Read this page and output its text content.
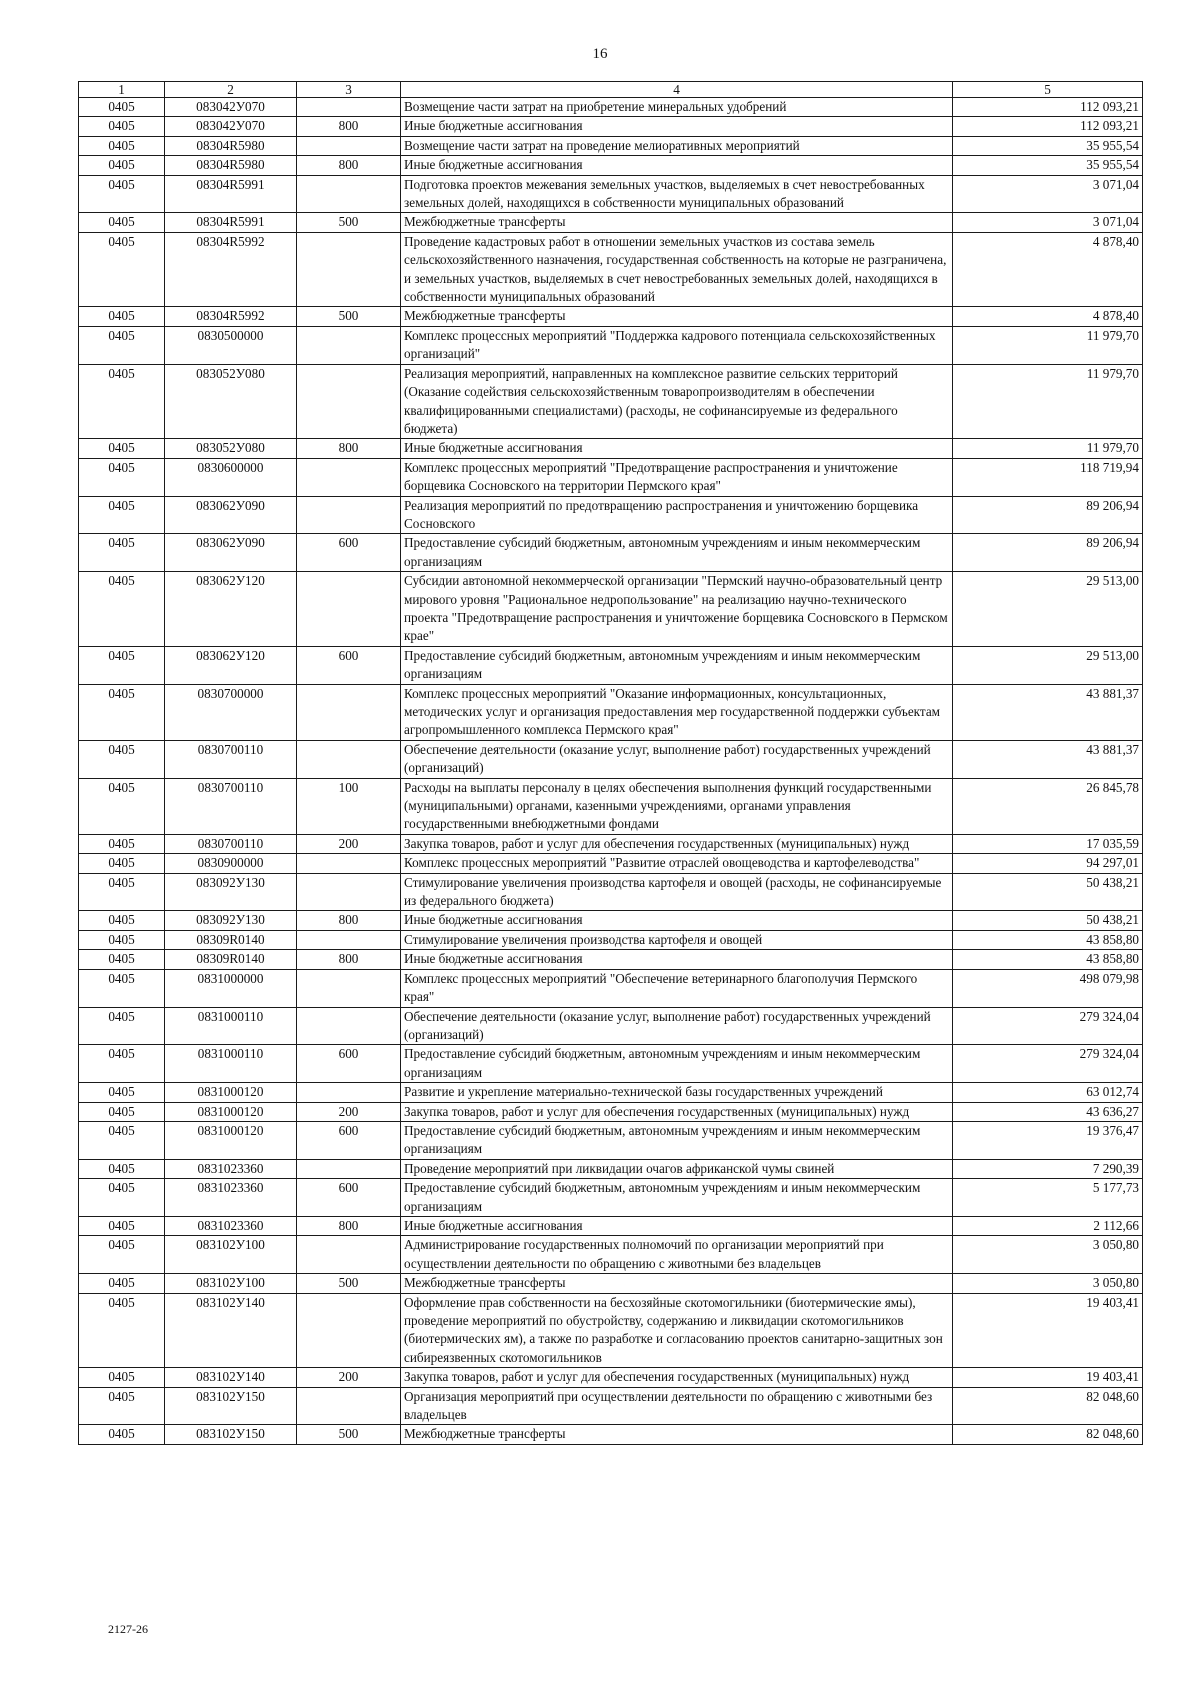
16
1	2	3	4	5
0405	083042У070		Возмещение части затрат на приобретение минеральных удобрений	112 093,21
0405	083042У070	800	Иные бюджетные ассигнования	112 093,21
0405	08304R5980		Возмещение части затрат на проведение мелиоративных мероприятий	35 955,54
0405	08304R5980	800	Иные бюджетные ассигнования	35 955,54
0405	08304R5991		Подготовка проектов межевания земельных участков, выделяемых в счет невостребованных земельных долей, находящихся в собственности муниципальных образований	3 071,04
0405	08304R5991	500	Межбюджетные трансферты	3 071,04
0405	08304R5992		Проведение кадастровых работ в отношении земельных участков из состава земель сельскохозяйственного назначения, государственная собственность на которые не разграничена, и земельных участков, выделяемых в счет невостребованных земельных долей, находящихся в собственности муниципальных образований	4 878,40
0405	08304R5992	500	Межбюджетные трансферты	4 878,40
0405	0830500000		Комплекс процессных мероприятий "Поддержка кадрового потенциала сельскохозяйственных организаций"	11 979,70
0405	083052У080		Реализация мероприятий, направленных на комплексное развитие сельских территорий (Оказание содействия сельскохозяйственным товаропроизводителям в обеспечении квалифицированными специалистами) (расходы, не софинансируемые из федерального бюджета)	11 979,70
0405	083052У080	800	Иные бюджетные ассигнования	11 979,70
0405	0830600000		Комплекс процессных мероприятий "Предотвращение распространения и уничтожение борщевика Сосновского на территории Пермского края"	118 719,94
0405	083062У090		Реализация мероприятий по предотвращению распространения и уничтожению борщевика Сосновского	89 206,94
0405	083062У090	600	Предоставление субсидий бюджетным, автономным учреждениям и иным некоммерческим организациям	89 206,94
0405	083062У120		Субсидии автономной некоммерческой организации "Пермский научно-образовательный центр мирового уровня "Рациональное недропользование" на реализацию научно-технического проекта "Предотвращение распространения и уничтожение борщевика Сосновского в Пермском крае"	29 513,00
0405	083062У120	600	Предоставление субсидий бюджетным, автономным учреждениям и иным некоммерческим организациям	29 513,00
0405	0830700000		Комплекс процессных мероприятий "Оказание информационных, консультационных, методических услуг и организация предоставления мер государственной поддержки субъектам агропромышленного комплекса Пермского края"	43 881,37
0405	0830700110		Обеспечение деятельности (оказание услуг, выполнение работ) государственных учреждений (организаций)	43 881,37
0405	0830700110	100	Расходы на выплаты персоналу в целях обеспечения выполнения функций государственными (муниципальными) органами, казенными учреждениями, органами управления государственными внебюджетными фондами	26 845,78
0405	0830700110	200	Закупка товаров, работ и услуг для обеспечения государственных (муниципальных) нужд	17 035,59
0405	0830900000		Комплекс процессных мероприятий "Развитие отраслей овощеводства и картофелеводства"	94 297,01
0405	083092У130		Стимулирование увеличения производства картофеля и овощей (расходы, не софинансируемые из федерального бюджета)	50 438,21
0405	083092У130	800	Иные бюджетные ассигнования	50 438,21
0405	08309R0140		Стимулирование увеличения производства картофеля и овощей	43 858,80
0405	08309R0140	800	Иные бюджетные ассигнования	43 858,80
0405	0831000000		Комплекс процессных мероприятий "Обеспечение ветеринарного благополучия Пермского края"	498 079,98
0405	0831000110		Обеспечение деятельности (оказание услуг, выполнение работ) государственных учреждений (организаций)	279 324,04
0405	0831000110	600	Предоставление субсидий бюджетным, автономным учреждениям и иным некоммерческим организациям	279 324,04
0405	0831000120		Развитие и укрепление материально-технической базы государственных учреждений	63 012,74
0405	0831000120	200	Закупка товаров, работ и услуг для обеспечения государственных (муниципальных) нужд	43 636,27
0405	0831000120	600	Предоставление субсидий бюджетным, автономным учреждениям и иным некоммерческим организациям	19 376,47
0405	0831023360		Проведение мероприятий при ликвидации очагов африканской чумы свиней	7 290,39
0405	0831023360	600	Предоставление субсидий бюджетным, автономным учреждениям и иным некоммерческим организациям	5 177,73
0405	0831023360	800	Иные бюджетные ассигнования	2 112,66
0405	083102У100		Администрирование государственных полномочий по организации мероприятий при осуществлении деятельности по обращению с животными без владельцев	3 050,80
0405	083102У100	500	Межбюджетные трансферты	3 050,80
0405	083102У140		Оформление прав собственности на бесхозяйные скотомогильники (биотермические ямы), проведение мероприятий по обустройству, содержанию и ликвидации скотомогильников (биотермических ям), а также по разработке и согласованию проектов санитарно-защитных зон сибиреязвенных скотомогильников	19 403,41
0405	083102У140	200	Закупка товаров, работ и услуг для обеспечения государственных (муниципальных) нужд	19 403,41
0405	083102У150		Организация мероприятий при осуществлении деятельности по обращению с животными без владельцев	82 048,60
0405	083102У150	500	Межбюджетные трансферты	82 048,60
2127-26
